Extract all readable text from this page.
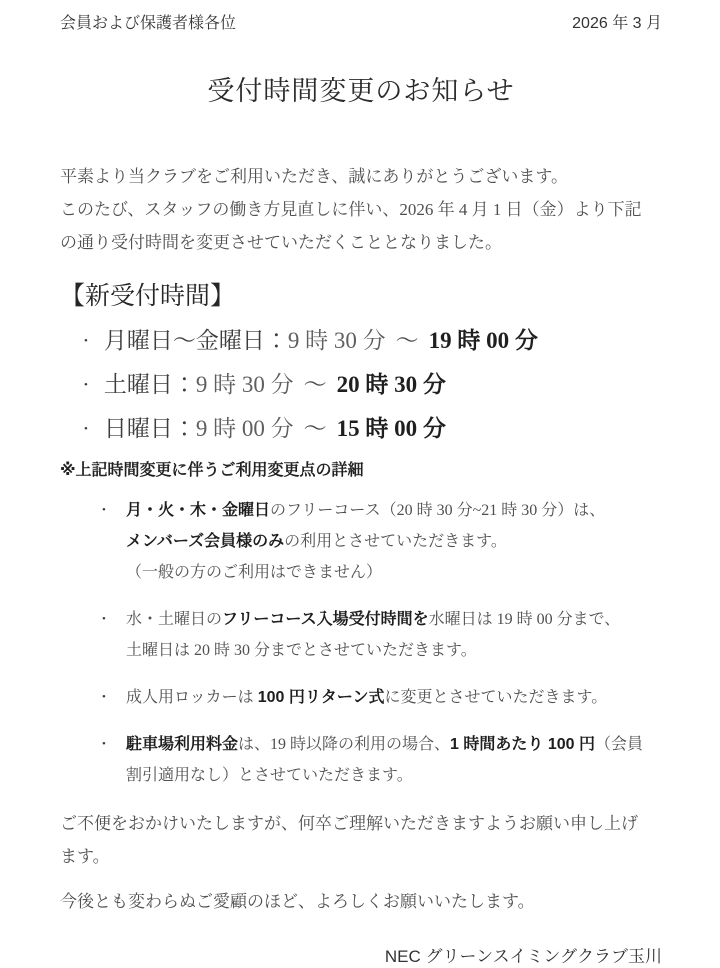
会員および保護者様各位	2026 年 3 月
受付時間変更のお知らせ
平素より当クラブをご利用いただき、誠にありがとうございます。
このたび、スタッフの働き方見直しに伴い、2026 年 4 月 1 日（金）より下記
の通り受付時間を変更させていただくこととなりました。
【新受付時間】
• 月曜日～金曜日：9 時 30 分 ～ 19 時 00 分
• 土曜日：9 時 30 分 ～ 20 時 30 分
• 日曜日：9 時 00 分 ～ 15 時 00 分
※上記時間変更に伴うご利用変更点の詳細
• 月・火・木・金曜日のフリーコース（20 時 30 分~21 時 30 分）は、
メンバーズ会員様のみの利用とさせていただきます。
（一般の方のご利用はできません）
• 水・土曜日のフリーコース入場受付時間を水曜日は 19 時 00 分まで、
土曜日は 20 時 30 分までとさせていただきます。
• 成人用ロッカーは 100 円リターン式に変更とさせていただきます。
• 駐車場利用料金は、19 時以降の利用の場合、1 時間あたり 100 円（会員
割引適用なし）とさせていただきます。
ご不便をおかけいたしますが、何卒ご理解いただきますようお願い申し上げ
ます。
今後とも変わらぬご愛顧のほど、よろしくお願いいたします。
NEC グリーンスイミングクラブ玉川
